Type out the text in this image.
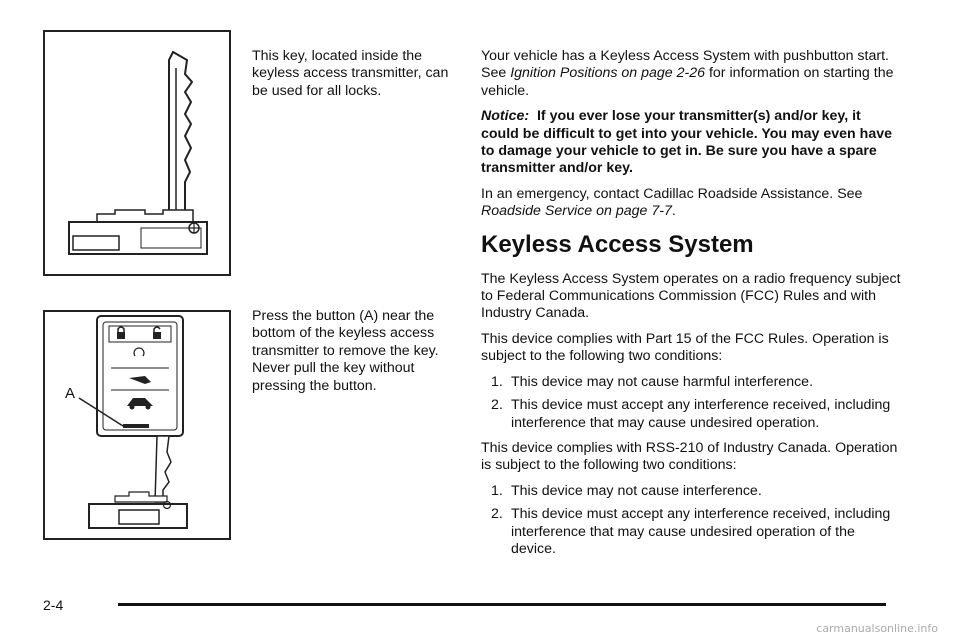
This key, located inside the keyless access transmitter, can be used for all locks.
A
Press the button (A) near the bottom of the keyless access transmitter to remove the key. Never pull the key without pressing the button.

Your vehicle has a Keyless Access System with pushbutton start. See Ignition Positions on page 2-26 for information on starting the vehicle.

Notice: If you ever lose your transmitter(s) and/or key, it could be difficult to get into your vehicle. You may even have to damage your vehicle to get in. Be sure you have a spare transmitter and/or key.

In an emergency, contact Cadillac Roadside Assistance. See Roadside Service on page 7-7.

Keyless Access System

The Keyless Access System operates on a radio frequency subject to Federal Communications Commission (FCC) Rules and with Industry Canada.

This device complies with Part 15 of the FCC Rules. Operation is subject to the following two conditions:

1. This device may not cause harmful interference.
2. This device must accept any interference received, including interference that may cause undesired operation.

This device complies with RSS-210 of Industry Canada. Operation is subject to the following two conditions:

1. This device may not cause interference.
2. This device must accept any interference received, including interference that may cause undesired operation of the device.
2-4
carmanualsonline.info
